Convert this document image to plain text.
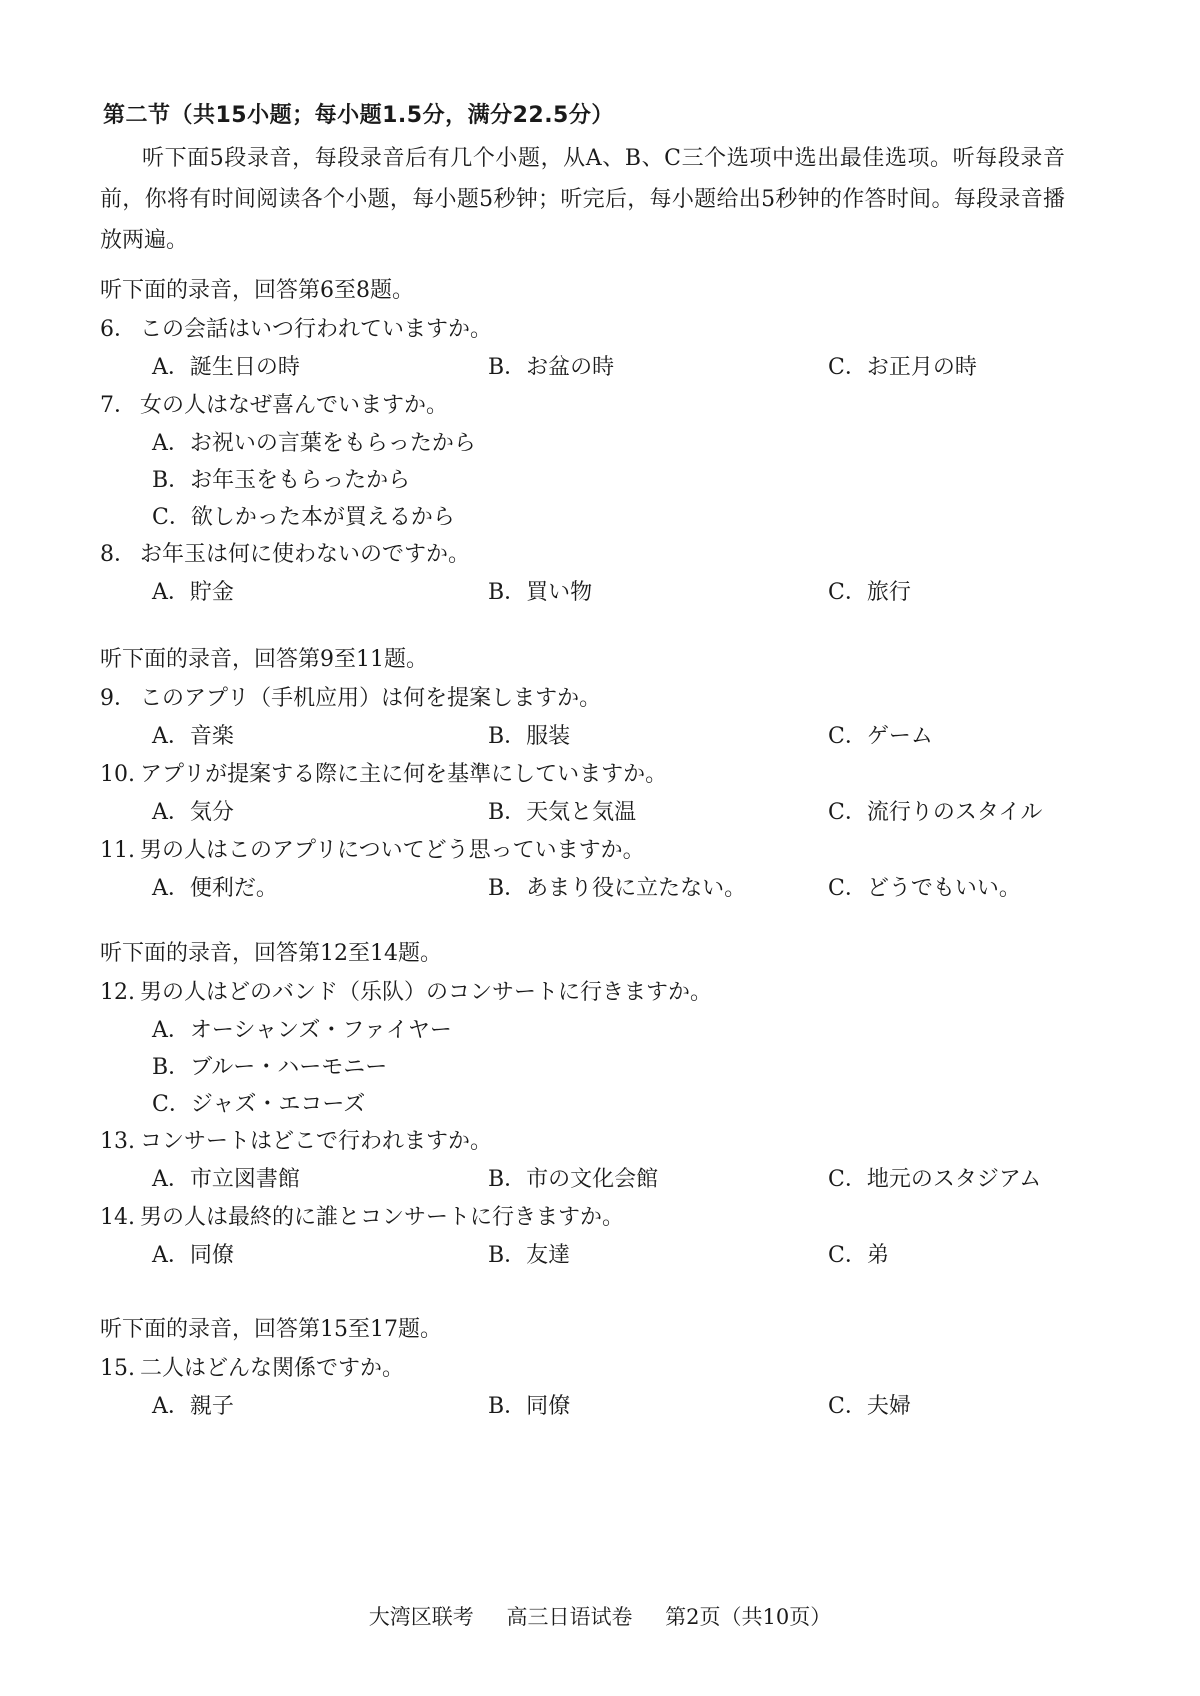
第二节（共15小题；每小题1.5分，满分22.5分）
听下面5段录音，每段录音后有几个小题，从A、B、C三个选项中选出最佳选项。听每段录音前，你将有时间阅读各个小题，每小题5秒钟；听完后，每小题给出5秒钟的作答时间。每段录音播放两遍。
听下面的录音，回答第6至8题。
6． この会話はいつ行われていますか。
A．誕生日の時	B．お盆の時	C．お正月の時
7． 女の人はなぜ喜んでいますか。
A．お祝いの言葉をもらったから
B．お年玉をもらったから
C．欲しかった本が買えるから
8． お年玉は何に使わないのですか。
A．貯金	B．買い物	C．旅行
听下面的录音，回答第9至11题。
9． このアプリ（手机应用）は何を提案しますか。
A．音楽	B．服装	C．ゲーム
10. アプリが提案する際に主に何を基準にしていますか。
A．気分	B．天気と気温	C．流行りのスタイル
11. 男の人はこのアプリについてどう思っていますか。
A．便利だ。	B．あまり役に立たない。	C．どうでもいい。
听下面的录音，回答第12至14题。
12. 男の人はどのバンド（乐队）のコンサートに行きますか。
A．オーシャンズ・ファイヤー
B．ブルー・ハーモニー
C．ジャズ・エコーズ
13. コンサートはどこで行われますか。
A．市立図書館	B．市の文化会館	C．地元のスタジアム
14. 男の人は最終的に誰とコンサートに行きますか。
A．同僚	B．友達	C．弟
听下面的录音，回答第15至17题。
15. 二人はどんな関係ですか。
A．親子	B．同僚	C．夫婦
大湾区联考 高三日语试卷 第2页（共10页）
